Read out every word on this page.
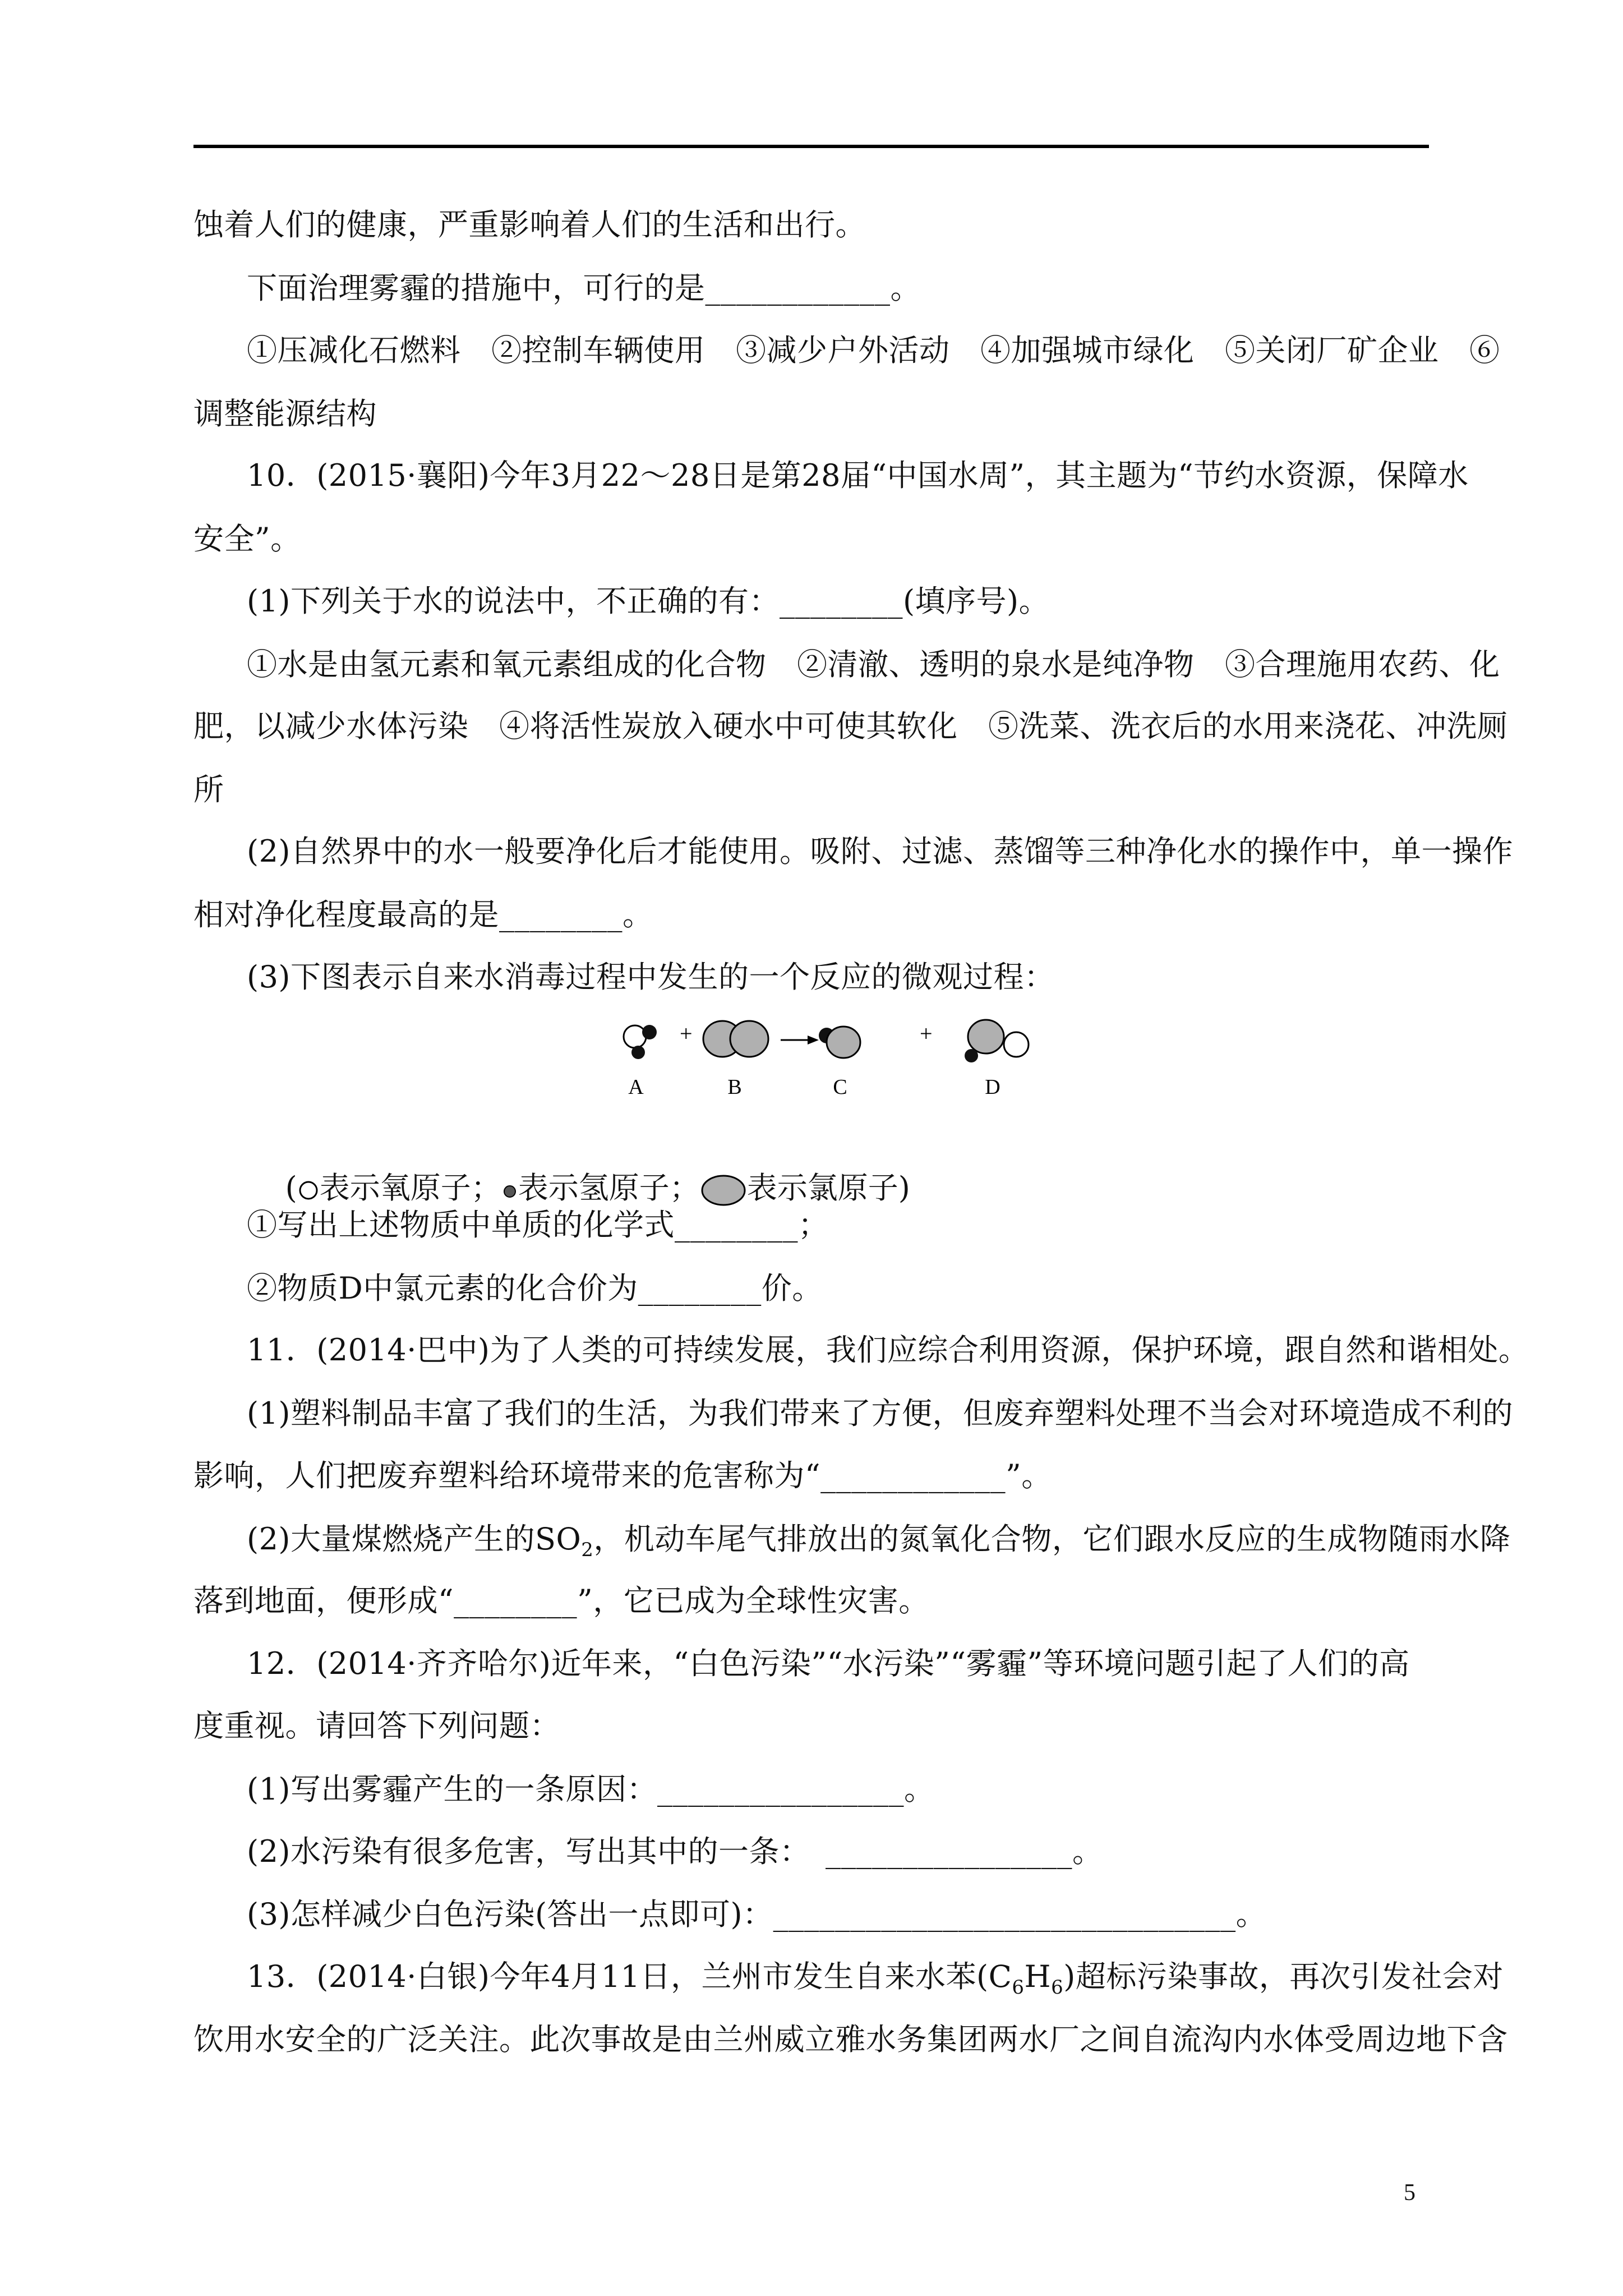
蚀着人们的健康，严重影响着人们的生活和出行。
下面治理雾霾的措施中，可行的是____________。
①压减化石燃料　②控制车辆使用　③减少户外活动　④加强城市绿化　⑤关闭厂矿企业　⑥
调整能源结构
10．(2015·襄阳)今年3月22～28日是第28届“中国水周”，其主题为“节约水资源，保障水
安全”。
(1)下列关于水的说法中，不正确的有：________(填序号)。
①水是由氢元素和氧元素组成的化合物　②清澈、透明的泉水是纯净物　③合理施用农药、化
肥，以减少水体污染　④将活性炭放入硬水中可使其软化　⑤洗菜、洗衣后的水用来浇花、冲洗厕
所
(2)自然界中的水一般要净化后才能使用。吸附、过滤、蒸馏等三种净化水的操作中，单一操作
相对净化程度最高的是________。
(3)下图表示自来水消毒过程中发生的一个反应的微观过程：
+	+
A	B	C	D

( 表示氧原子； 表示氢原子； 表示氯原子)

①写出上述物质中单质的化学式________；
②物质D中氯元素的化合价为________价。
11．(2014·巴中)为了人类的可持续发展，我们应综合利用资源，保护环境，跟自然和谐相处。
(1)塑料制品丰富了我们的生活，为我们带来了方便，但废弃塑料处理不当会对环境造成不利的
影响，人们把废弃塑料给环境带来的危害称为“____________”。
(2)大量煤燃烧产生的$SO_2$，机动车尾气排放出的氮氧化合物，它们跟水反应的生成物随雨水降
落到地面，便形成“________”，它已成为全球性灾害。
12．(2014·齐齐哈尔)近年来，“白色污染”“水污染”“雾霾”等环境问题引起了人们的高
度重视。请回答下列问题：
(1)写出雾霾产生的一条原因：________________。
(2)水污染有很多危害，写出其中的一条：　________________。
(3)怎样减少白色污染(答出一点即可)：______________________________。
13．(2014·白银)今年4月11日，兰州市发生自来水苯$(C_6H_6)$超标污染事故，再次引发社会对
饮用水安全的广泛关注。此次事故是由兰州威立雅水务集团两水厂之间自流沟内水体受周边地下含
5
